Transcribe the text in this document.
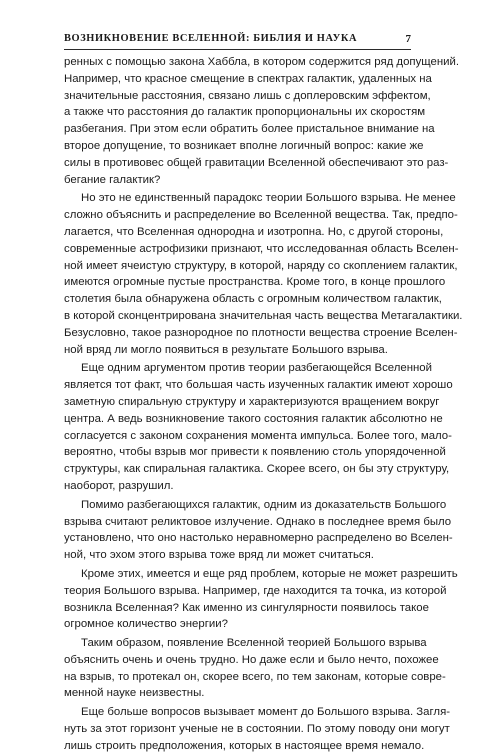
ВОЗНИКНОВЕНИЕ ВСЕЛЕННОЙ: БИБЛИЯ И НАУКА	7
ренных с помощью закона Хаббла, в котором содержится ряд допущений.
Например, что красное смещение в спектрах галактик, удаленных на
значительные расстояния, связано лишь с доплеровским эффектом,
а также что расстояния до галактик пропорциональны их скоростям
разбегания. При этом если обратить более пристальное внимание на
второе допущение, то возникает вполне логичный вопрос: какие же
силы в противовес общей гравитации Вселенной обеспечивают это раз-
бегание галактик?
Но это не единственный парадокс теории Большого взрыва. Не менее
сложно объяснить и распределение во Вселенной вещества. Так, предпо-
лагается, что Вселенная однородна и изотропна. Но, с другой стороны,
современные астрофизики признают, что исследованная область Вселен-
ной имеет ячеистую структуру, в которой, наряду со скоплением галактик,
имеются огромные пустые пространства. Кроме того, в конце прошлого
столетия была обнаружена область с огромным количеством галактик,
в которой сконцентрирована значительная часть вещества Метагалактики.
Безусловно, такое разнородное по плотности вещества строение Вселен-
ной вряд ли могло появиться в результате Большого взрыва.
Еще одним аргументом против теории разбегающейся Вселенной
является тот факт, что большая часть изученных галактик имеют хорошо
заметную спиральную структуру и характеризуются вращением вокруг
центра. А ведь возникновение такого состояния галактик абсолютно не
согласуется с законом сохранения момента импульса. Более того, мало-
вероятно, чтобы взрыв мог привести к появлению столь упорядоченной
структуры, как спиральная галактика. Скорее всего, он бы эту структуру,
наоборот, разрушил.
Помимо разбегающихся галактик, одним из доказательств Большого
взрыва считают реликтовое излучение. Однако в последнее время было
установлено, что оно настолько неравномерно распределено во Вселен-
ной, что эхом этого взрыва тоже вряд ли может считаться.
Кроме этих, имеется и еще ряд проблем, которые не может разрешить
теория Большого взрыва. Например, где находится та точка, из которой
возникла Вселенная? Как именно из сингулярности появилось такое
огромное количество энергии?
Таким образом, появление Вселенной теорией Большого взрыва
объяснить очень и очень трудно. Но даже если и было нечто, похожее
на взрыв, то протекал он, скорее всего, по тем законам, которые совре-
менной науке неизвестны.
Еще больше вопросов вызывает момент до Большого взрыва. Загля-
нуть за этот горизонт ученые не в состоянии. По этому поводу они могут
лишь строить предположения, которых в настоящее время немало.
